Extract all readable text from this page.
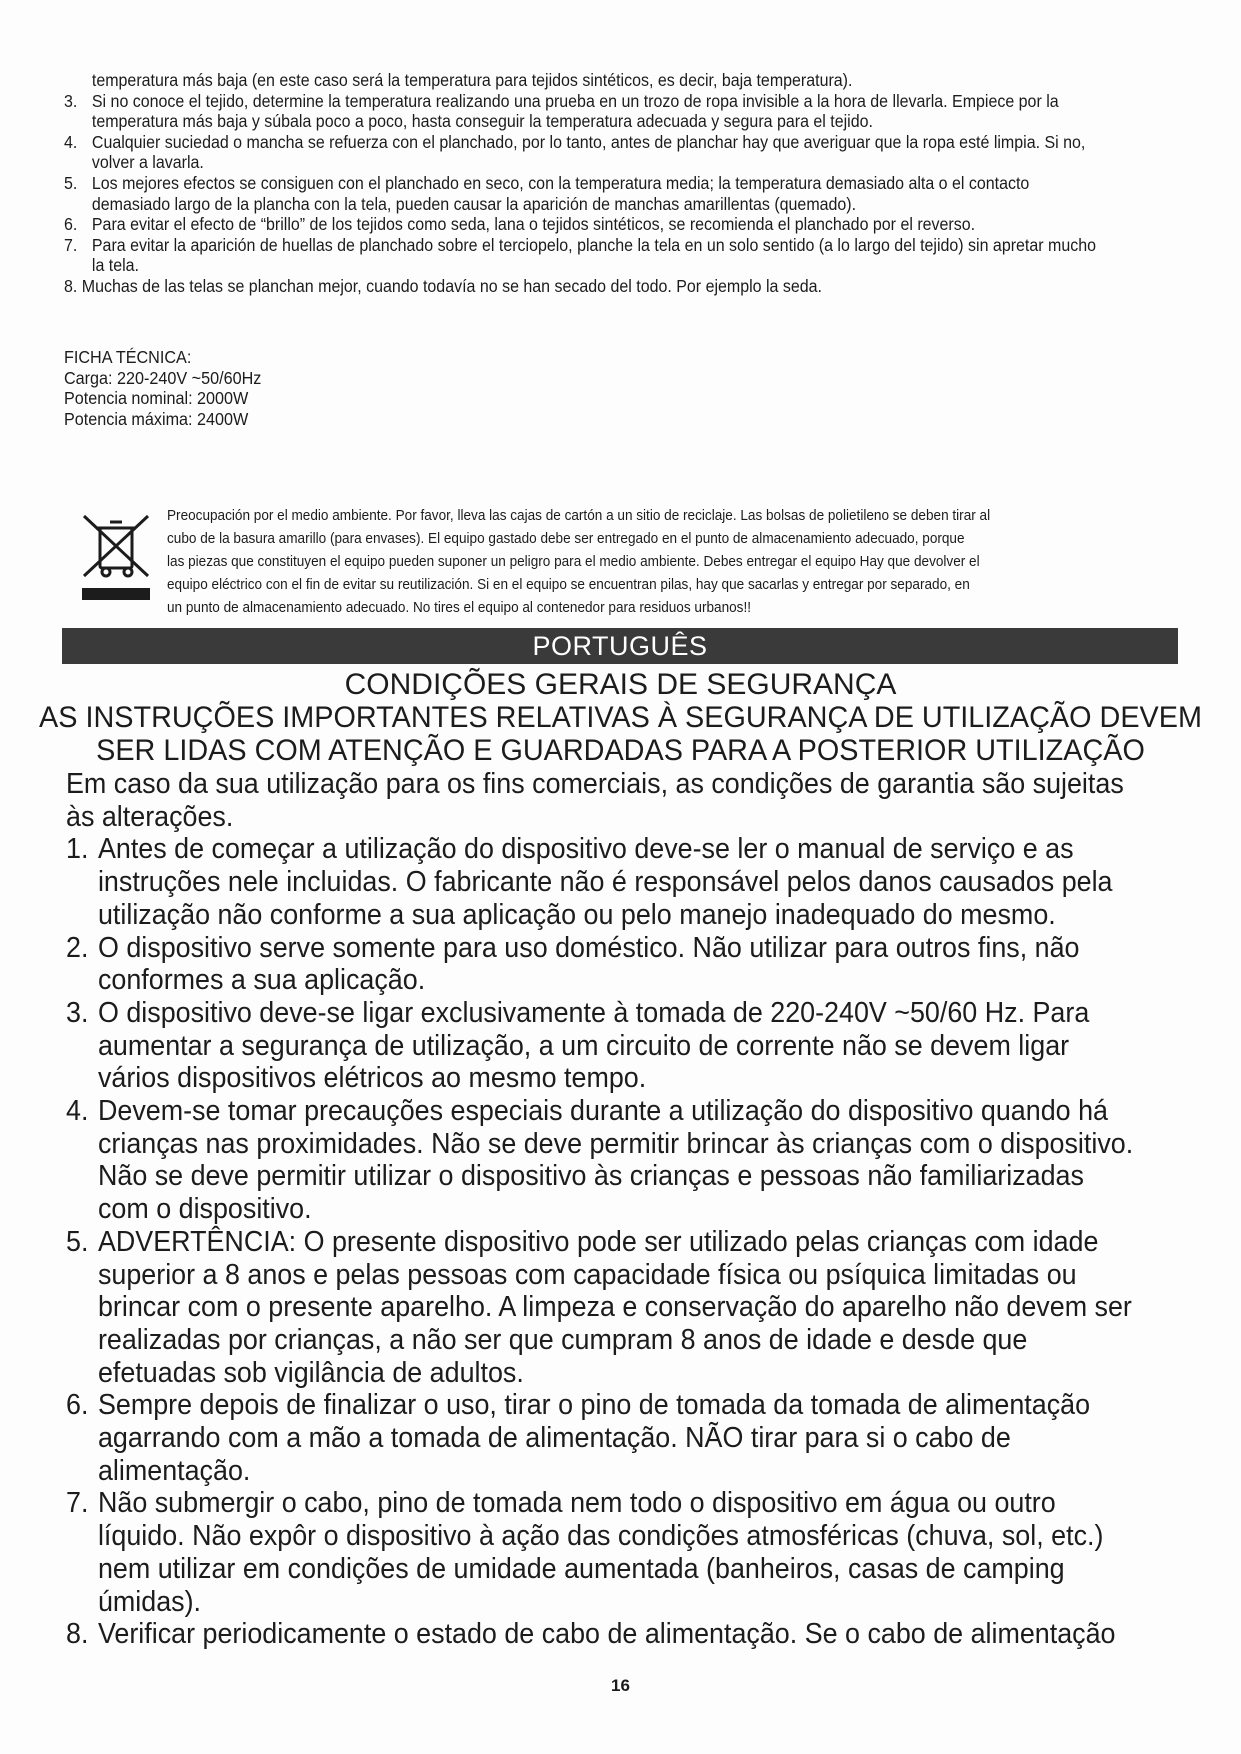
temperatura más baja (en este caso será la temperatura para tejidos sintéticos, es decir, baja temperatura).
3. Si no conoce el tejido, determine la temperatura realizando una prueba en un trozo de ropa invisible a la hora de llevarla. Empiece por la temperatura más baja y súbala poco a poco, hasta conseguir la temperatura adecuada y segura para el tejido.
4. Cualquier suciedad o mancha se refuerza con el planchado, por lo tanto, antes de planchar hay que averiguar que la ropa esté limpia. Si no, volver a lavarla.
5. Los mejores efectos se consiguen con el planchado en seco, con la temperatura media; la temperatura demasiado alta o el contacto demasiado largo de la plancha con la tela, pueden causar la aparición de manchas amarillentas (quemado).
6. Para evitar el efecto de “brillo” de los tejidos como seda, lana o tejidos sintéticos, se recomienda el planchado por el reverso.
7. Para evitar la aparición de huellas de planchado sobre el terciopelo, planche la tela en un solo sentido (a lo largo del tejido) sin apretar mucho la tela.
8. Muchas de las telas se planchan mejor, cuando todavía no se han secado del todo. Por ejemplo la seda.
FICHA TÉCNICA:
Carga: 220-240V ~50/60Hz
Potencia nominal: 2000W
Potencia máxima: 2400W
Preocupación por el medio ambiente. Por favor, lleva las cajas de cartón a un sitio de reciclaje. Las bolsas de polietileno se deben tirar al
cubo de la basura amarillo (para envases). El equipo gastado debe ser entregado en el punto de almacenamiento adecuado, porque
las piezas que constituyen el equipo pueden suponer un peligro para el medio ambiente. Debes entregar el equipo Hay que devolver el
equipo eléctrico con el fin de evitar su reutilización. Si en el equipo se encuentran pilas, hay que sacarlas y entregar por separado, en
un punto de almacenamiento adecuado. No tires el equipo al contenedor para residuos urbanos!!
PORTUGUÊS
CONDIÇÕES GERAIS DE SEGURANÇA
AS INSTRUÇÕES IMPORTANTES RELATIVAS À SEGURANÇA DE UTILIZAÇÃO DEVEM
SER LIDAS COM ATENÇÃO E GUARDADAS PARA A POSTERIOR UTILIZAÇÃO
Em caso da sua utilização para os fins comerciais, as condições de garantia são sujeitas às alterações.
1. Antes de começar a utilização do dispositivo deve-se ler o manual de serviço e as instruções nele incluidas. O fabricante não é responsável pelos danos causados pela utilização não conforme a sua aplicação ou pelo manejo inadequado do mesmo.
2. O dispositivo serve somente para uso doméstico. Não utilizar para outros fins, não conformes a sua aplicação.
3. O dispositivo deve-se ligar exclusivamente à tomada de 220-240V ~50/60 Hz. Para aumentar a segurança de utilização, a um circuito de corrente não se devem ligar vários dispositivos elétricos ao mesmo tempo.
4. Devem-se tomar precauções especiais durante a utilização do dispositivo quando há crianças nas proximidades. Não se deve permitir brincar às crianças com o dispositivo. Não se deve permitir utilizar o dispositivo às crianças e pessoas não familiarizadas com o dispositivo.
5. ADVERTÊNCIA: O presente dispositivo pode ser utilizado pelas crianças com idade superior a 8 anos e pelas pessoas com capacidade física ou psíquica limitadas ou brincar com o presente aparelho. A limpeza e conservação do aparelho não devem ser realizadas por crianças, a não ser que cumpram 8 anos de idade e desde que efetuadas sob vigilância de adultos.
6. Sempre depois de finalizar o uso, tirar o pino de tomada da tomada de alimentação agarrando com a mão a tomada de alimentação. NÃO tirar para si o cabo de alimentação.
7. Não submergir o cabo, pino de tomada nem todo o dispositivo em água ou outro líquido. Não expôr o dispositivo à ação das condições atmosféricas (chuva, sol, etc.) nem utilizar em condições de umidade aumentada (banheiros, casas de camping úmidas).
8. Verificar periodicamente o estado de cabo de alimentação. Se o cabo de alimentação
16
